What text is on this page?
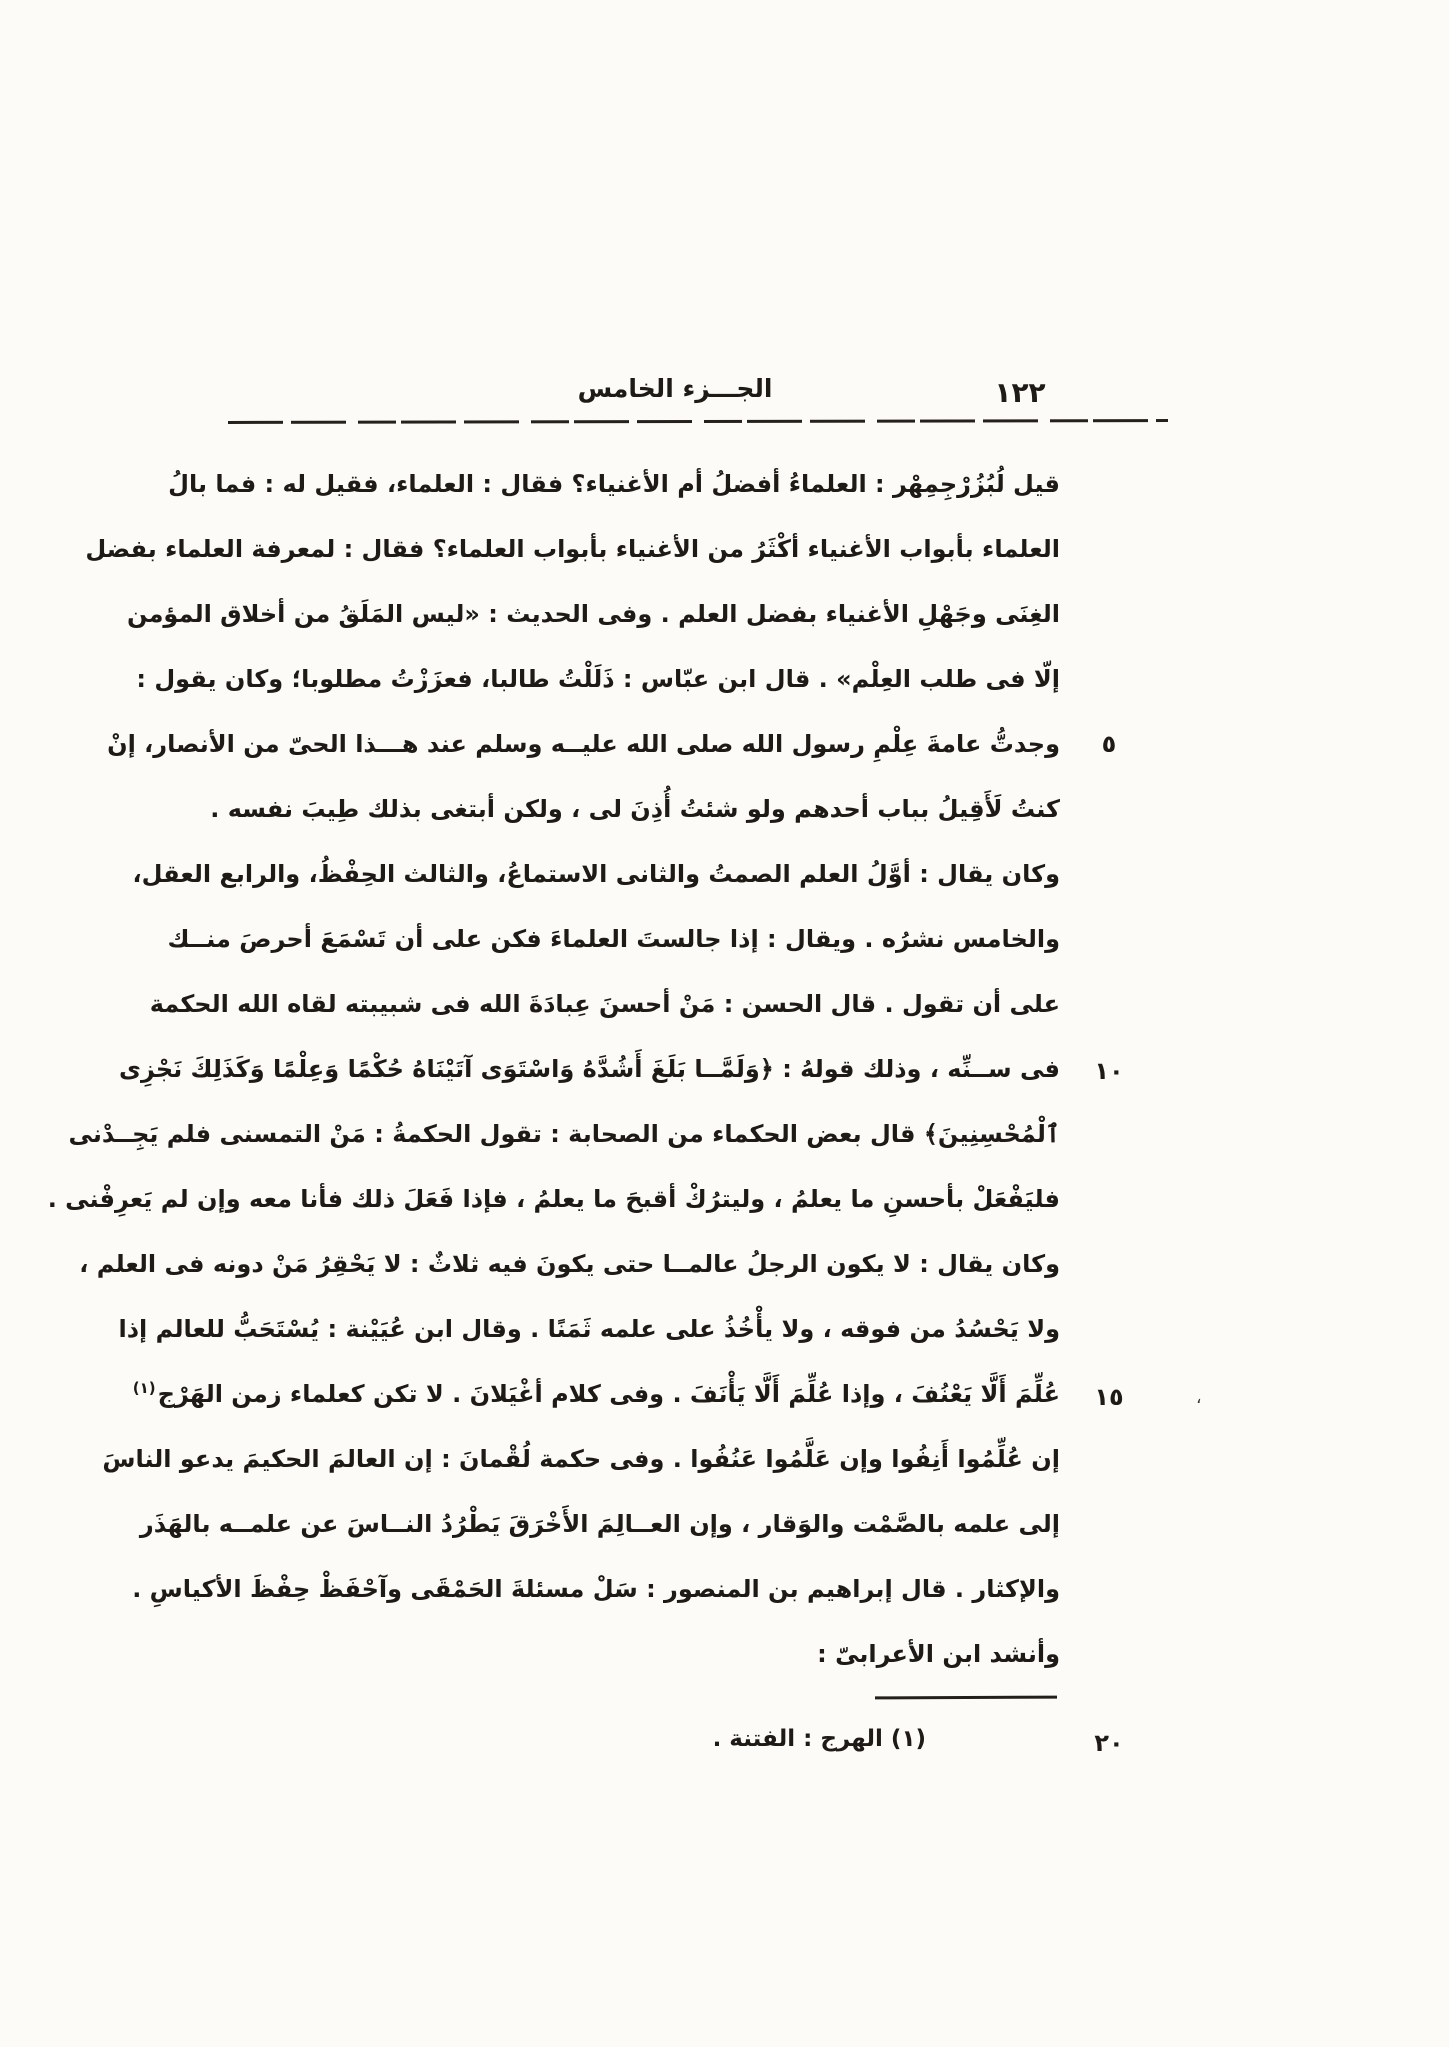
١٢٢
الجـــزء الخامس
قيل لُبُزُرْجِمِهْر : العلماءُ أفضلُ أم الأغنياء؟ فقال : العلماء، فقيل له : فما بالُ
العلماء بأبواب الأغنياء أكْثَرُ من الأغنياء بأبواب العلماء؟ فقال : لمعرفة العلماء بفضل
الغِنَى وجَهْلِ الأغنياء بفضل العلم . وفى الحديث : «ليس المَلَقُ من أخلاق المؤمن
إلّا فى طلب العِلْم» . قال ابن عبّاس : ذَلَلْتُ طالبا، فعزَزْتُ مطلوبا؛ وكان يقول :
وجدتُّ عامةَ عِلْمِ رسول الله صلى الله عليــه وسلم عند هـــذا الحىّ من الأنصار، إنْ
كنتُ لَأَقِيلُ بباب أحدهم ولو شئتُ أُذِنَ لى ، ولكن أبتغى بذلك طِيبَ نفسه .
وكان يقال : أوَّلُ العلم الصمتُ والثانى الاستماعُ، والثالث الحِفْظُ، والرابع العقل،
والخامس نشرُه . ويقال : إذا جالستَ العلماءَ فكن على أن تَسْمَعَ أحرصَ منــك
على أن تقول . قال الحسن : مَنْ أحسنَ عِبادَةَ الله فى شبيبته لقاه الله الحكمة
فى ســنِّه ، وذلك قولهُ : ﴿وَلَمَّــا بَلَغَ أَشُدَّهُ وَاسْتَوَى آتَيْنَاهُ حُكْمًا وَعِلْمًا وَكَذَلِكَ نَجْزِى
ٱلْمُحْسِنِينَ﴾ قال بعض الحكماء من الصحابة : تقول الحكمةُ : مَنْ التمسنى فلم يَجِــدْنى
فليَفْعَلْ بأحسنِ ما يعلمُ ، وليترُكْ أقبحَ ما يعلمُ ، فإذا فَعَلَ ذلك فأنا معه وإن لم يَعرِفْنى .
وكان يقال : لا يكون الرجلُ عالمــا حتى يكونَ فيه ثلاثٌ : لا يَحْقِرُ مَنْ دونه فى العلم ،
ولا يَحْسُدُ من فوقه ، ولا يأْخُذُ على علمه ثَمَنًا . وقال ابن عُيَيْنة : يُسْتَحَبُّ للعالم إذا
عُلِّمَ أَلَّا يَعْنُفَ ، وإذا عُلِّمَ أَلَّا يَأْنَفَ . وفى كلام أغْيَلانَ . لا تكن كعلماء زمن الهَرْج$^{(١)}$
إن عُلِّمُوا أَنِفُوا وإن عَلَّمُوا عَنُفُوا . وفى حكمة لُقْمانَ : إن العالمَ الحكيمَ يدعو الناسَ
إلى علمه بالصَّمْت والوَقار ، وإن العــالِمَ الأَخْرَقَ يَطْرُدُ النــاسَ عن علمــه بالهَذَر
والإكثار . قال إبراهيم بن المنصور : سَلْ مسئلةَ الحَمْقَى وآحْفَظْ حِفْظَ الأكياسِ .
وأنشد ابن الأعرابىّ :
٥
١٠
١٥
٢٠
،
(١) الهرج : الفتنة .
